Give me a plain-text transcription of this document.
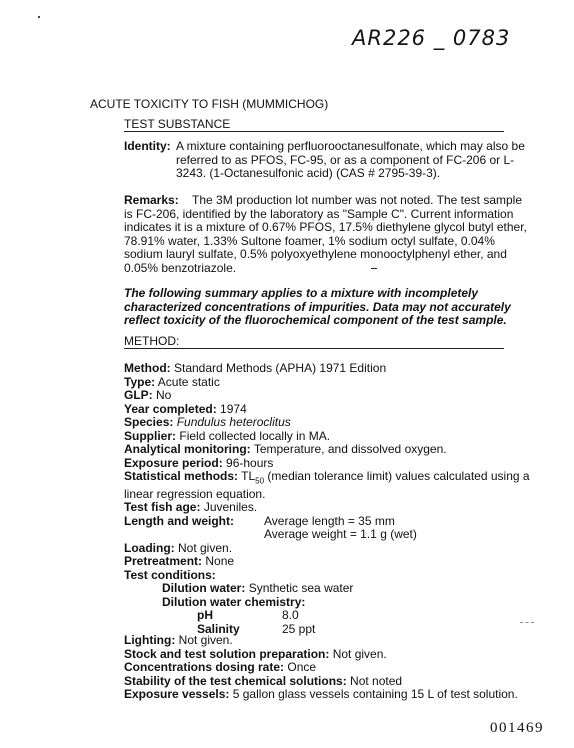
AR226 _ 0783
ACUTE TOXICITY TO FISH (MUMMICHOG)
TEST SUBSTANCE
Identity: A mixture containing perfluorooctanesulfonate, which may also be
referred to as PFOS, FC-95, or as a component of FC-206 or L-
3243. (1-Octanesulfonic acid) (CAS # 2795-39-3).
Remarks: The 3M production lot number was not noted. The test sample
is FC-206, identified by the laboratory as "Sample C". Current information
indicates it is a mixture of 0.67% PFOS, 17.5% diethylene glycol butyl ether,
78.91% water, 1.33% Sultone foamer, 1% sodium octyl sulfate, 0.04%
sodium lauryl sulfate, 0.5% polyoxyethylene monooctylphenyl ether, and
0.05% benzotriazole.
The following summary applies to a mixture with incompletely
characterized concentrations of impurities. Data may not accurately
reflect toxicity of the fluorochemical component of the test sample.
METHOD:
Method: Standard Methods (APHA) 1971 Edition
Type: Acute static
GLP: No
Year completed: 1974
Species: Fundulus heteroclitus
Supplier: Field collected locally in MA.
Analytical monitoring: Temperature, and dissolved oxygen.
Exposure period: 96-hours
Statistical methods: $TL_{50}$ (median tolerance limit) values calculated using a
linear regression equation.
Test fish age: Juveniles.
Length and weight:	Average length = 35 mm
Average weight = 1.1 g (wet)
Loading: Not given.
Pretreatment: None
Test conditions:
Dilution water: Synthetic sea water
Dilution water chemistry:
pH	8.0
Salinity	25 ppt
Lighting: Not given.
Stock and test solution preparation: Not given.
Concentrations dosing rate: Once
Stability of the test chemical solutions: Not noted
Exposure vessels: 5 gallon glass vessels containing 15 L of test solution.
001469
